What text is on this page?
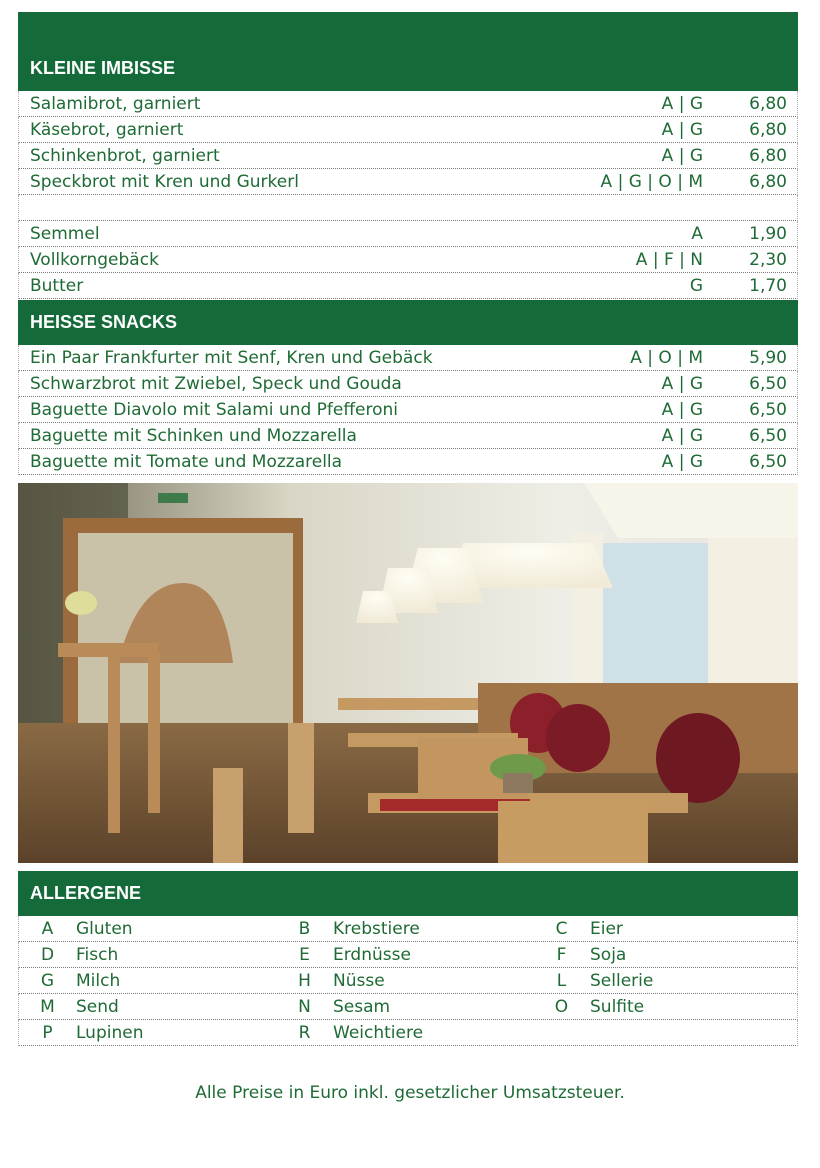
KLEINE IMBISSE
Salamibrot, garniert	A | G	6,80
Käsebrot, garniert	A | G	6,80
Schinkenbrot, garniert	A | G	6,80
Speckbrot mit Kren und Gurkerl	A | G | O | M	6,80
Semmel	A	1,90
Vollkorngebäck	A | F | N	2,30
Butter	G	1,70
HEISSE SNACKS
Ein Paar Frankfurter mit Senf, Kren und Gebäck	A | O | M	5,90
Schwarzbrot mit Zwiebel, Speck und Gouda	A | G	6,50
Baguette Diavolo mit Salami und Pfefferoni	A | G	6,50
Baguette mit Schinken und Mozzarella	A | G	6,50
Baguette mit Tomate und Mozzarella	A | G	6,50
ALLERGENE
A	Gluten	B	Krebstiere	C	Eier
D	Fisch	E	Erdnüsse	F	Soja
G	Milch	H	Nüsse	L	Sellerie
M	Send	N	Sesam	O	Sulfite
P	Lupinen	R	Weichtiere
Alle Preise in Euro inkl. gesetzlicher Umsatzsteuer.
